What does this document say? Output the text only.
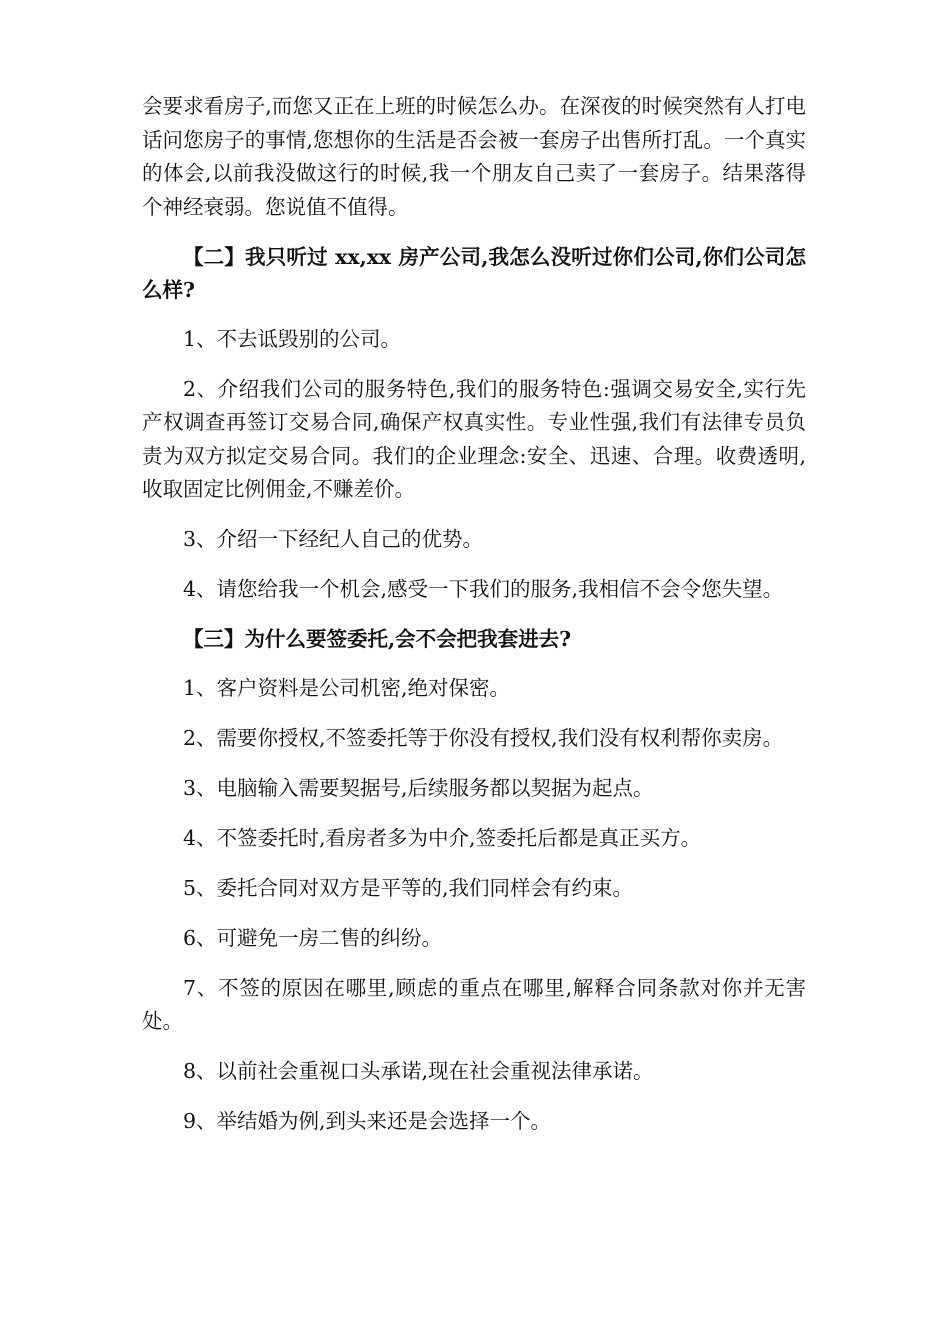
会要求看房子,而您又正在上班的时候怎么办。在深夜的时候突然有人打电话问您房子的事情,您想你的生活是否会被一套房子出售所打乱。一个真实的体会,以前我没做这行的时候,我一个朋友自己卖了一套房子。结果落得个神经衰弱。您说值不值得。

【二】我只听过 xx,xx 房产公司,我怎么没听过你们公司,你们公司怎么样?

1、不去诋毁别的公司。

2、介绍我们公司的服务特色,我们的服务特色:强调交易安全,实行先产权调查再签订交易合同,确保产权真实性。专业性强,我们有法律专员负责为双方拟定交易合同。我们的企业理念:安全、迅速、合理。收费透明,收取固定比例佣金,不赚差价。

3、介绍一下经纪人自己的优势。

4、请您给我一个机会,感受一下我们的服务,我相信不会令您失望。

【三】为什么要签委托,会不会把我套进去?

1、客户资料是公司机密,绝对保密。

2、需要你授权,不签委托等于你没有授权,我们没有权利帮你卖房。

3、电脑输入需要契据号,后续服务都以契据为起点。

4、不签委托时,看房者多为中介,签委托后都是真正买方。

5、委托合同对双方是平等的,我们同样会有约束。

6、可避免一房二售的纠纷。

7、不签的原因在哪里,顾虑的重点在哪里,解释合同条款对你并无害处。

8、以前社会重视口头承诺,现在社会重视法律承诺。

9、举结婚为例,到头来还是会选择一个。
